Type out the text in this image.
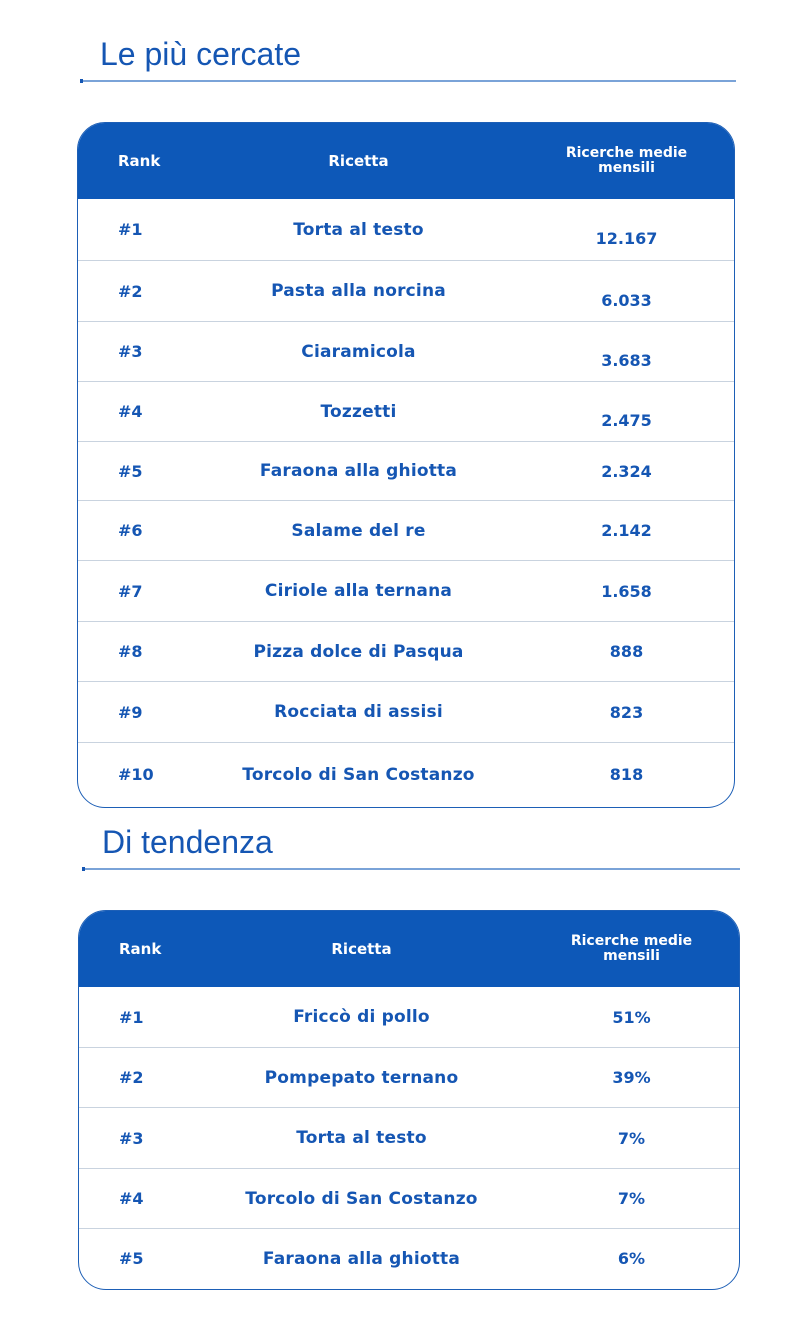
Le più cercate
Rank	Ricetta	Ricerche medie
mensili
#1	Torta al testo	12.167
#2	Pasta alla norcina	6.033
#3	Ciaramicola	3.683
#4	Tozzetti	2.475
#5	Faraona alla ghiotta	2.324
#6	Salame del re	2.142
#7	Ciriole alla ternana	1.658
#8	Pizza dolce di Pasqua	888
#9	Rocciata di assisi	823
#10	Torcolo di San Costanzo	818
Di tendenza
Rank	Ricetta	Ricerche medie
mensili
#1	Friccò di pollo	51%
#2	Pompepato ternano	39%
#3	Torta al testo	7%
#4	Torcolo di San Costanzo	7%
#5	Faraona alla ghiotta	6%
